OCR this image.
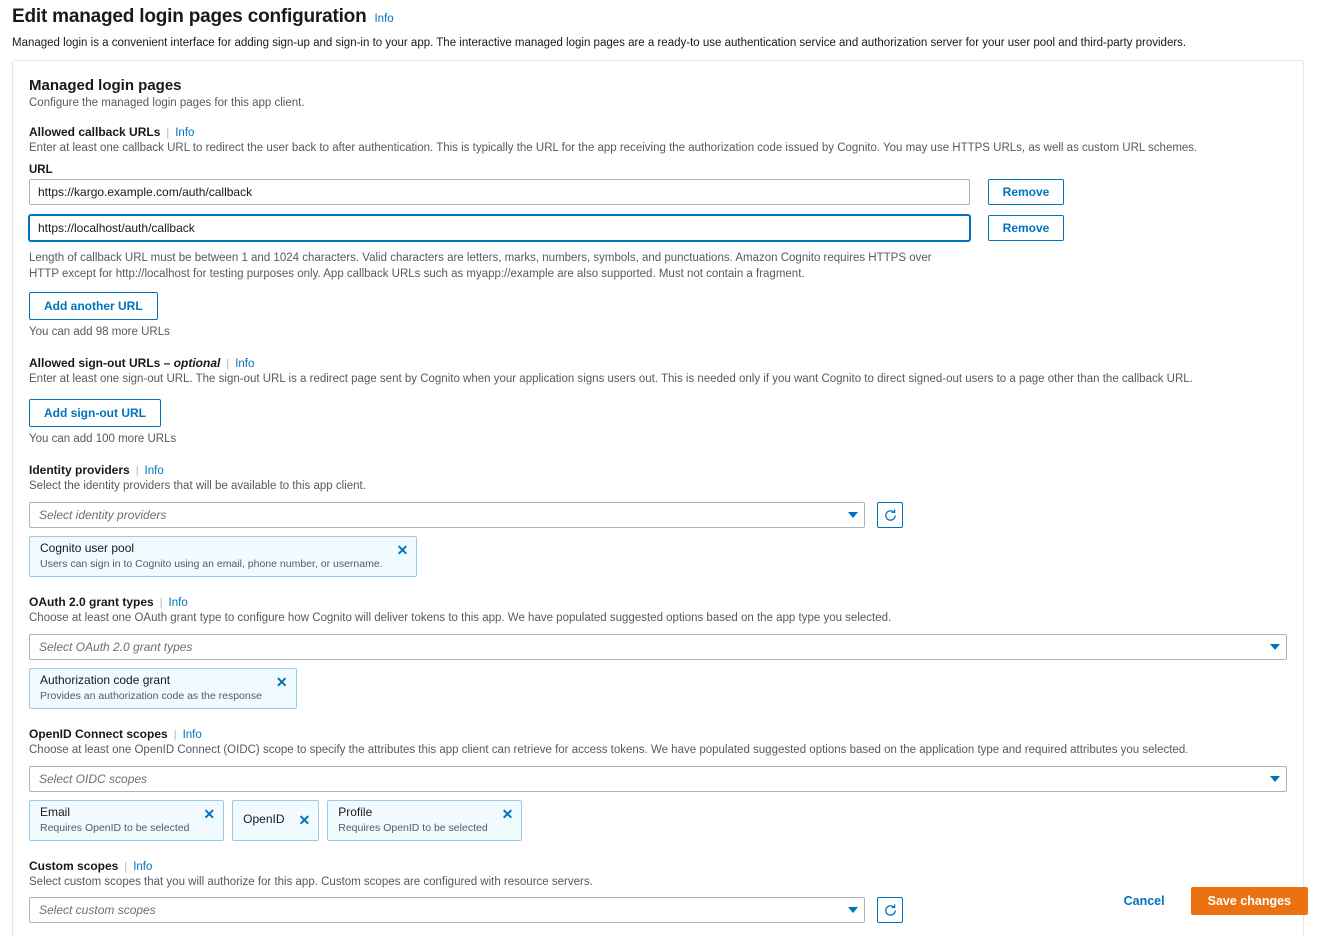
Edit managed login pages configuration Info
Managed login is a convenient interface for adding sign-up and sign-in to your app. The interactive managed login pages are a ready-to use authentication service and authorization server for your user pool and third-party providers.
Managed login pages
Configure the managed login pages for this app client.
Allowed callback URLs | Info
Enter at least one callback URL to redirect the user back to after authentication. This is typically the URL for the app receiving the authorization code issued by Cognito. You may use HTTPS URLs, as well as custom URL schemes.
URL
https://kargo.example.com/auth/callback
Remove
https://localhost/auth/callback
Remove
Length of callback URL must be between 1 and 1024 characters. Valid characters are letters, marks, numbers, symbols, and punctuations. Amazon Cognito requires HTTPS over HTTP except for http://localhost for testing purposes only. App callback URLs such as myapp://example are also supported. Must not contain a fragment.
Add another URL
You can add 98 more URLs
Allowed sign-out URLs – optional | Info
Enter at least one sign-out URL. The sign-out URL is a redirect page sent by Cognito when your application signs users out. This is needed only if you want Cognito to direct signed-out users to a page other than the callback URL.
Add sign-out URL
You can add 100 more URLs
Identity providers | Info
Select the identity providers that will be available to this app client.
Select identity providers
Cognito user pool
Users can sign in to Cognito using an email, phone number, or username.
✕
OAuth 2.0 grant types | Info
Choose at least one OAuth grant type to configure how Cognito will deliver tokens to this app. We have populated suggested options based on the app type you selected.
Select OAuth 2.0 grant types
Authorization code grant
Provides an authorization code as the response
✕
OpenID Connect scopes | Info
Choose at least one OpenID Connect (OIDC) scope to specify the attributes this app client can retrieve for access tokens. We have populated suggested options based on the application type and required attributes you selected.
Select OIDC scopes
Email
Requires OpenID to be selected
✕ OpenID ✕
Profile
Requires OpenID to be selected
✕
Custom scopes | Info
Select custom scopes that you will authorize for this app. Custom scopes are configured with resource servers.
Select custom scopes
Cancel	Save changes
